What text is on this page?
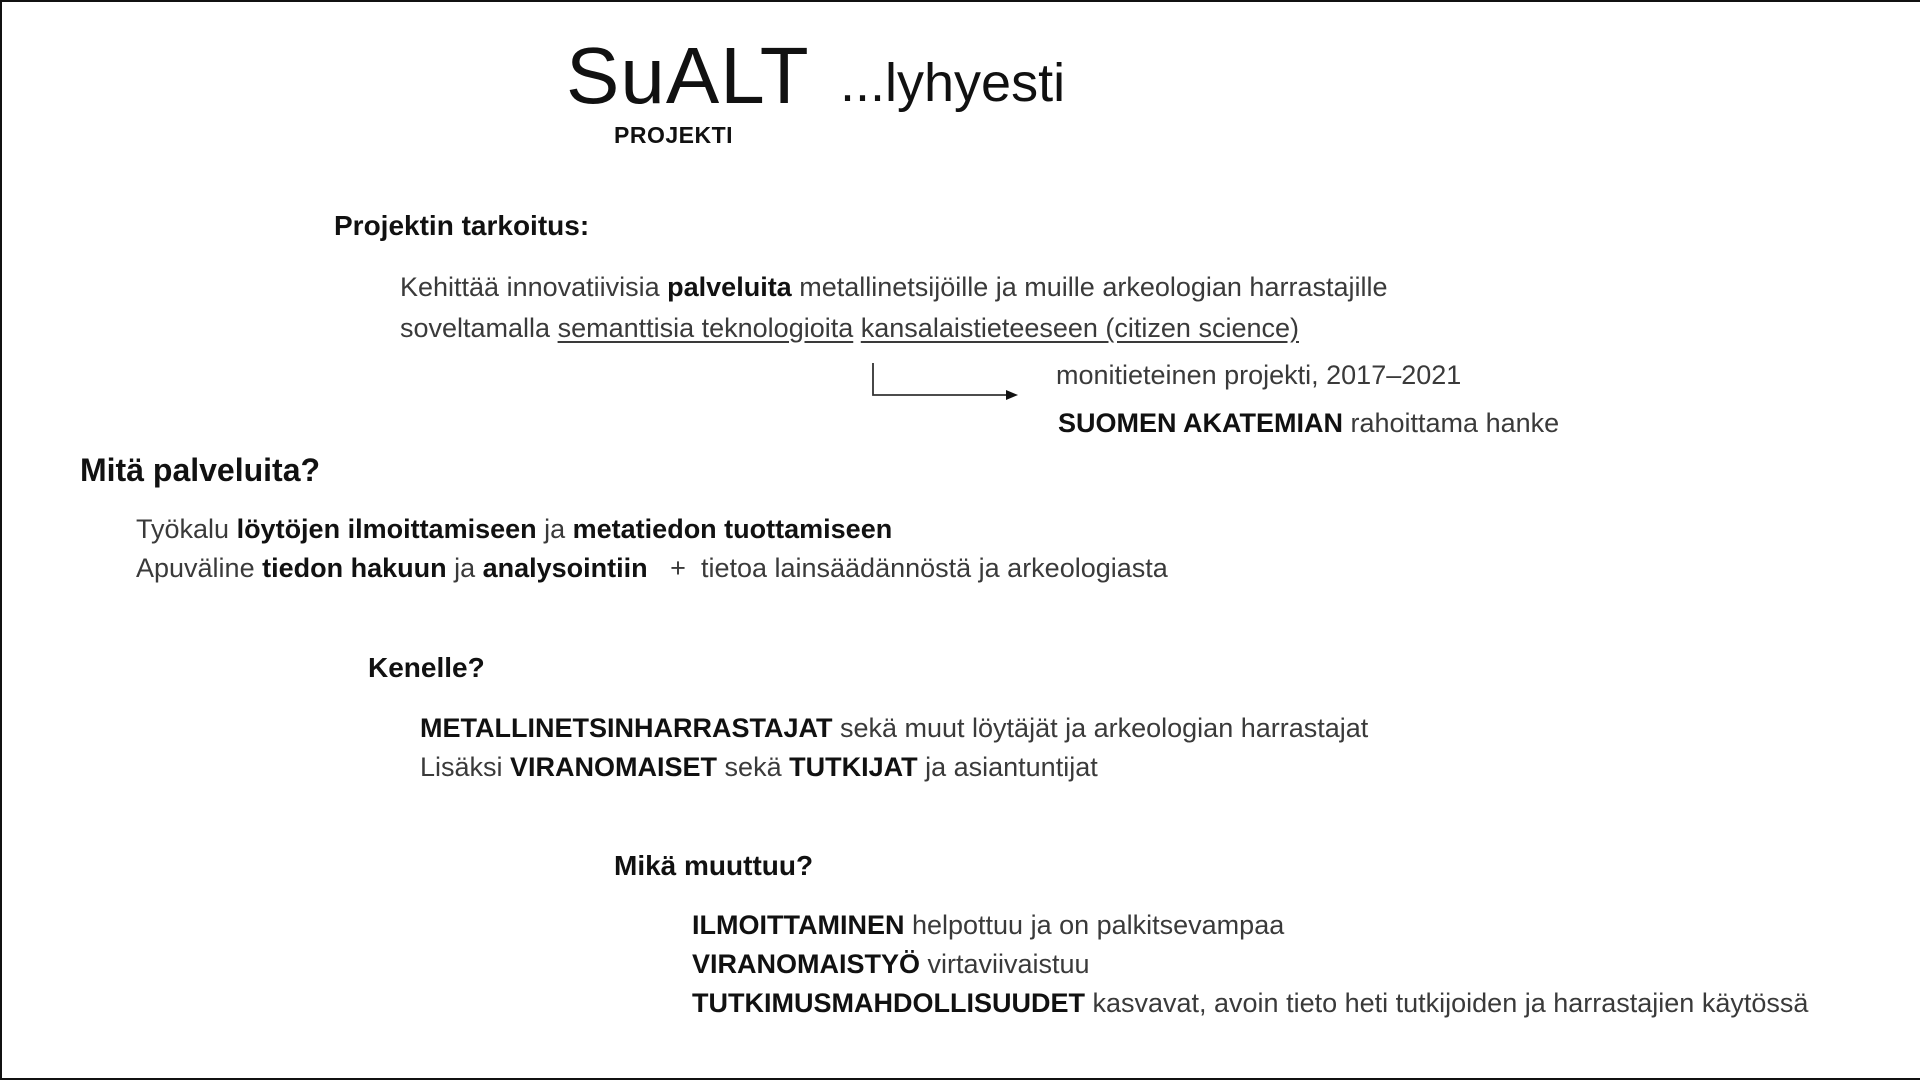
SuALT ...lyhyesti
PROJEKTI
Projektin tarkoitus:
Kehittää innovatiivisia palveluita metallinetsijöille ja muille arkeologian harrastajille
soveltamalla semanttisia teknologioita kansalaistieteeseen (citizen science)
monitieteinen projekti, 2017–2021
SUOMEN AKATEMIAN rahoittama hanke
Mitä palveluita?
Työkalu löytöjen ilmoittamiseen ja metatiedon tuottamiseen
Apuväline tiedon hakuun ja analysointiin   +  tietoa lainsäädännöstä ja arkeologiasta
Kenelle?
METALLINETSINHARRASTAJAT sekä muut löytäjät ja arkeologian harrastajat
Lisäksi VIRANOMAISET sekä TUTKIJAT ja asiantuntijat
Mikä muuttuu?
ILMOITTAMINEN helpottuu ja on palkitsevampaa
VIRANOMAISTYÖ virtaviivaistuu
TUTKIMUSMAHDOLLISUUDET kasvavat, avoin tieto heti tutkijoiden ja harrastajien käytössä
